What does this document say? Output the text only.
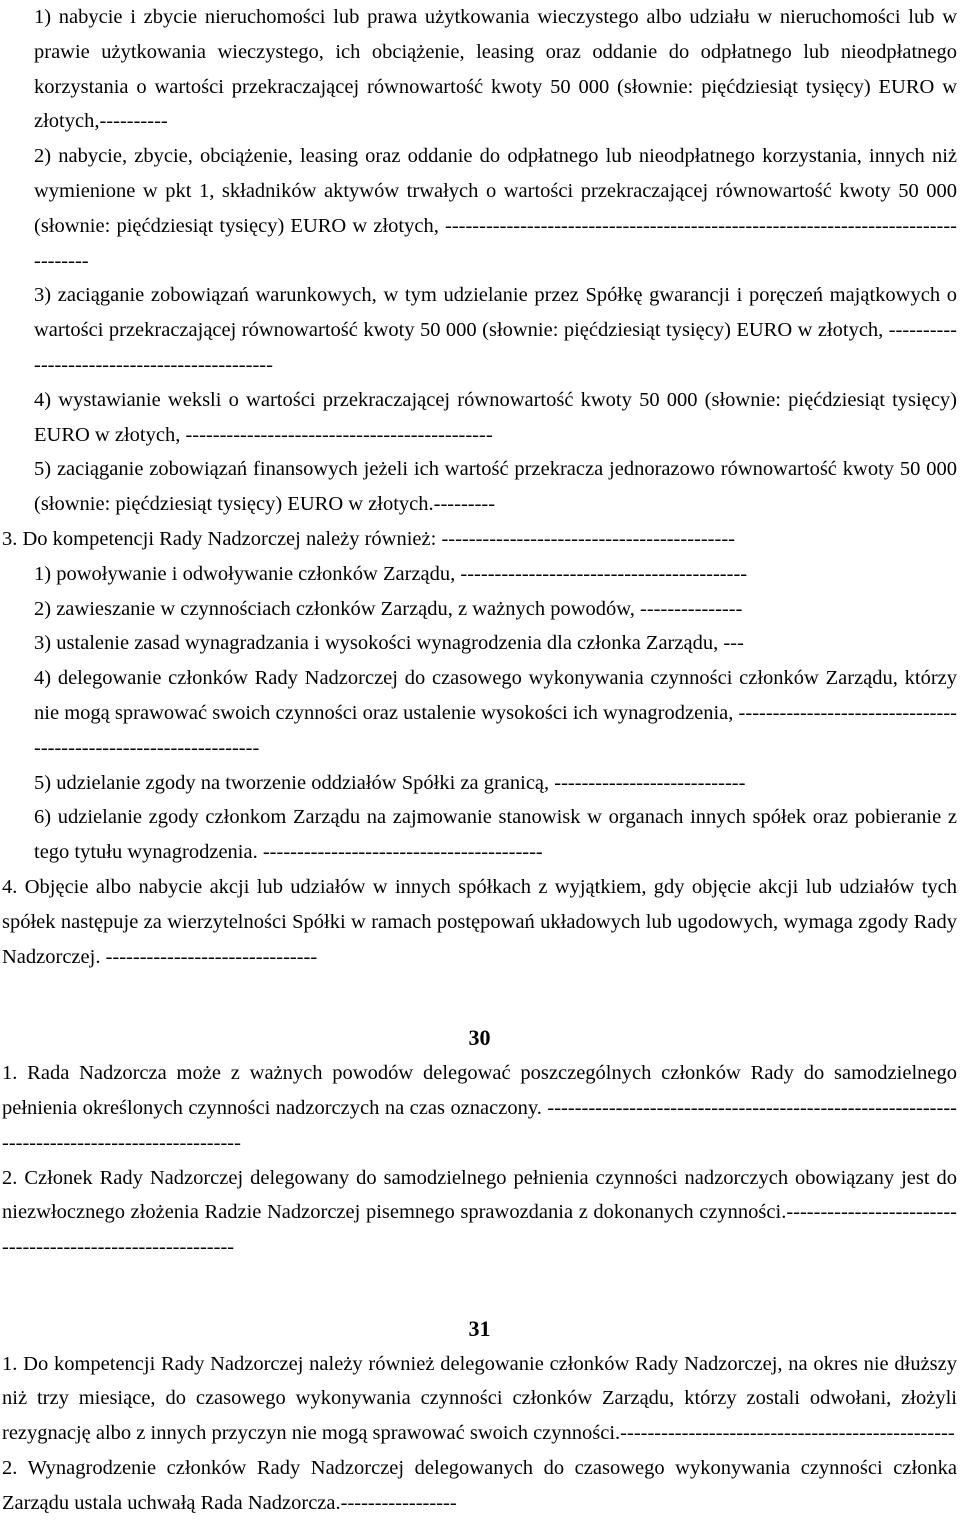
1) nabycie i zbycie nieruchomości lub prawa użytkowania wieczystego albo udziału w nieruchomości lub w prawie użytkowania wieczystego, ich obciążenie, leasing oraz oddanie do odpłatnego lub nieodpłatnego korzystania o wartości przekraczającej równowartość kwoty 50 000 (słownie: pięćdziesiąt tysięcy) EURO w złotych,----------

2) nabycie, zbycie, obciążenie, leasing oraz oddanie do odpłatnego lub nieodpłatnego korzystania, innych niż wymienione w pkt 1, składników aktywów trwałych o wartości przekraczającej równowartość kwoty 50 000 (słownie: pięćdziesiąt tysięcy) EURO w złotych, -----------------------------------------------------------------------------------

3) zaciąganie zobowiązań warunkowych, w tym udzielanie przez Spółkę gwarancji i poręczeń majątkowych o wartości przekraczającej równowartość kwoty 50 000 (słownie: pięćdziesiąt tysięcy) EURO w złotych, ---------------------------------------------

4) wystawianie weksli o wartości przekraczającej równowartość kwoty 50 000 (słownie: pięćdziesiąt tysięcy) EURO w złotych, ---------------------------------------------

5) zaciąganie zobowiązań finansowych jeżeli ich wartość przekracza jednorazowo równowartość kwoty 50 000 (słownie: pięćdziesiąt tysięcy) EURO w złotych.---------

3. Do kompetencji Rady Nadzorczej należy również: -------------------------------------------

1) powoływanie i odwoływanie członków Zarządu, ------------------------------------------

2) zawieszanie w czynnościach członków Zarządu, z ważnych powodów, ---------------

3) ustalenie zasad wynagradzania i wysokości wynagrodzenia dla członka Zarządu, ---

4) delegowanie członków Rady Nadzorczej do czasowego wykonywania czynności członków Zarządu, którzy nie mogą sprawować swoich czynności oraz ustalenie wysokości ich wynagrodzenia, -----------------------------------------------------------------

5) udzielanie zgody na tworzenie oddziałów Spółki za granicą, ----------------------------

6) udzielanie zgody członkom Zarządu na zajmowanie stanowisk w organach innych spółek oraz pobieranie z tego tytułu wynagrodzenia. -----------------------------------------

4. Objęcie albo nabycie akcji lub udziałów w innych spółkach z wyjątkiem, gdy objęcie akcji lub udziałów tych spółek następuje za wierzytelności Spółki w ramach postępowań układowych lub ugodowych, wymaga zgody Rady Nadzorczej. -------------------------------

30

1. Rada Nadzorcza może z ważnych powodów delegować poszczególnych członków Rady do samodzielnego pełnienia określonych czynności nadzorczych na czas oznaczony. -----------------------------------------------------------------------------------------------

2. Członek Rady Nadzorczej delegowany do samodzielnego pełnienia czynności nadzorczych obowiązany jest do niezwłocznego złożenia Radzie Nadzorczej pisemnego sprawozdania z dokonanych czynności.-----------------------------------------------------------

31

1. Do kompetencji Rady Nadzorczej należy również delegowanie członków Rady Nadzorczej, na okres nie dłuższy niż trzy miesiące, do czasowego wykonywania czynności członków Zarządu, którzy zostali odwołani, złożyli rezygnację albo z innych przyczyn nie mogą sprawować swoich czynności.-------------------------------------------------

2. Wynagrodzenie członków Rady Nadzorczej delegowanych do czasowego wykonywania czynności członka Zarządu ustala uchwałą Rada Nadzorcza.-----------------
